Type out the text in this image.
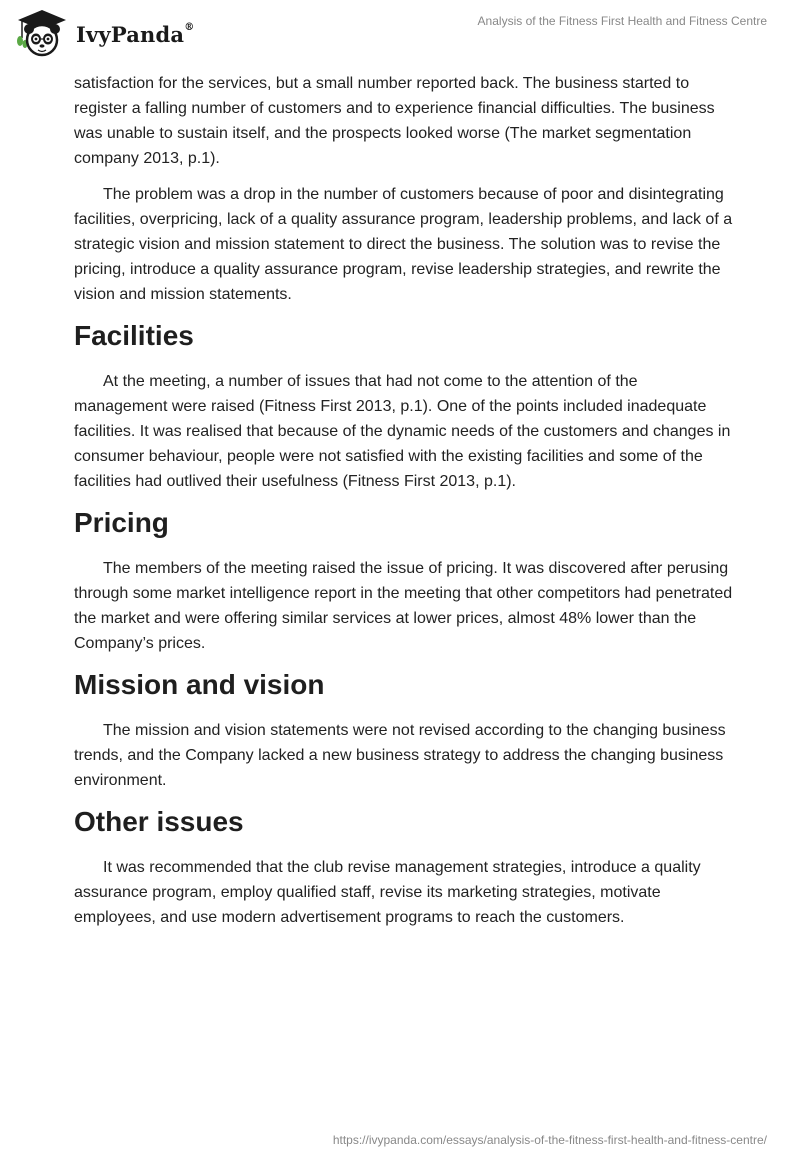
IvyPanda®	Analysis of the Fitness First Health and Fitness Centre

satisfaction for the services, but a small number reported back. The business started to register a falling number of customers and to experience financial difficulties. The business was unable to sustain itself, and the prospects looked worse (The market segmentation company 2013, p.1).

The problem was a drop in the number of customers because of poor and disintegrating facilities, overpricing, lack of a quality assurance program, leadership problems, and lack of a strategic vision and mission statement to direct the business. The solution was to revise the pricing, introduce a quality assurance program, revise leadership strategies, and rewrite the vision and mission statements.

Facilities

At the meeting, a number of issues that had not come to the attention of the management were raised (Fitness First 2013, p.1). One of the points included inadequate facilities. It was realised that because of the dynamic needs of the customers and changes in consumer behaviour, people were not satisfied with the existing facilities and some of the facilities had outlived their usefulness (Fitness First 2013, p.1).

Pricing

The members of the meeting raised the issue of pricing. It was discovered after perusing through some market intelligence report in the meeting that other competitors had penetrated the market and were offering similar services at lower prices, almost 48% lower than the Company’s prices.

Mission and vision

The mission and vision statements were not revised according to the changing business trends, and the Company lacked a new business strategy to address the changing business environment.

Other issues

It was recommended that the club revise management strategies, introduce a quality assurance program, employ qualified staff, revise its marketing strategies, motivate employees, and use modern advertisement programs to reach the customers.

https://ivypanda.com/essays/analysis-of-the-fitness-first-health-and-fitness-centre/
